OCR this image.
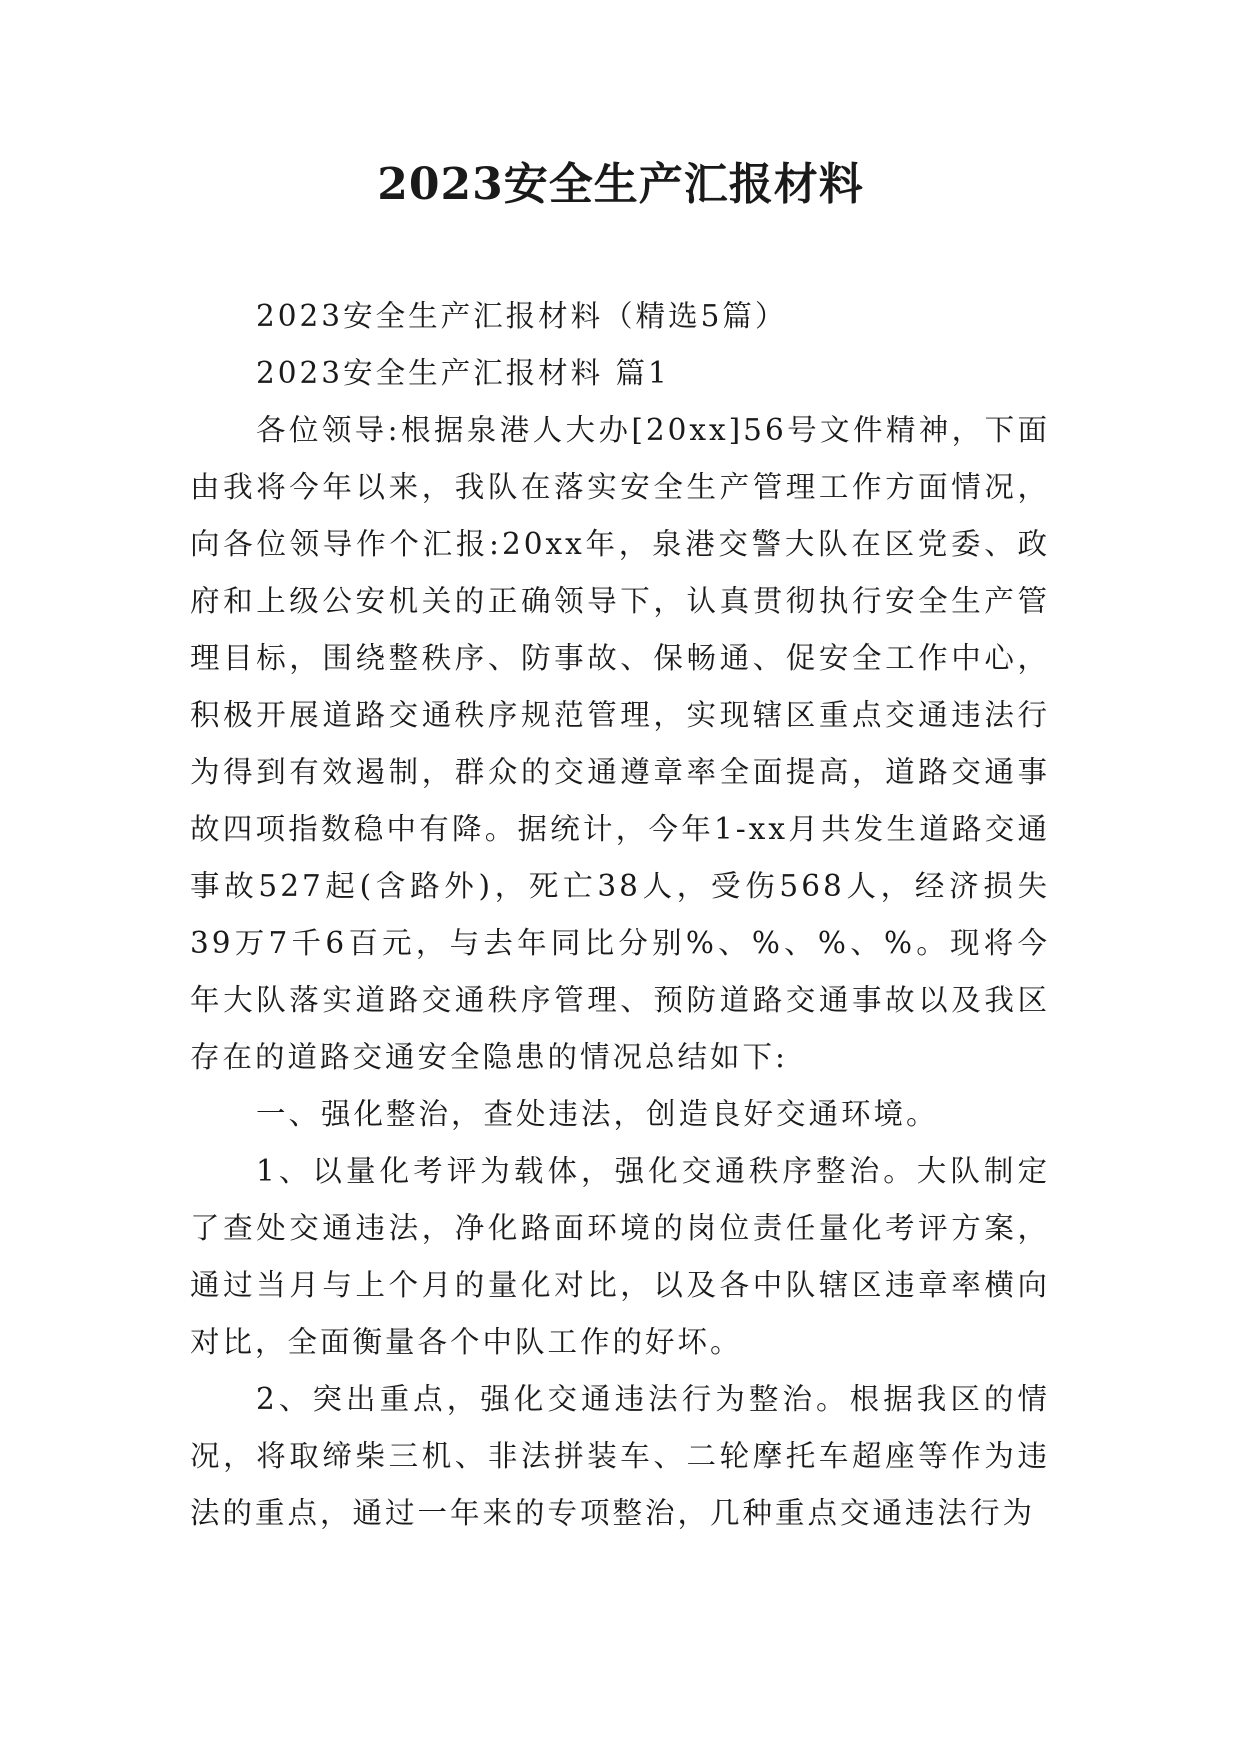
2023安全生产汇报材料

2023安全生产汇报材料（精选5篇）

2023安全生产汇报材料 篇1

各位领导:根据泉港人大办[20xx]56号文件精神，下面由我将今年以来，我队在落实安全生产管理工作方面情况，向各位领导作个汇报:20xx年，泉港交警大队在区党委、政府和上级公安机关的正确领导下，认真贯彻执行安全生产管理目标，围绕整秩序、防事故、保畅通、促安全工作中心，积极开展道路交通秩序规范管理，实现辖区重点交通违法行为得到有效遏制，群众的交通遵章率全面提高，道路交通事故四项指数稳中有降。据统计，今年1-xx月共发生道路交通事故527起(含路外)，死亡38人，受伤568人，经济损失39万7千6百元，与去年同比分别%、%、%、%。现将今年大队落实道路交通秩序管理、预防道路交通事故以及我区存在的道路交通安全隐患的情况总结如下:

一、强化整治，查处违法，创造良好交通环境。

1、以量化考评为载体，强化交通秩序整治。大队制定了查处交通违法，净化路面环境的岗位责任量化考评方案，通过当月与上个月的量化对比，以及各中队辖区违章率横向对比，全面衡量各个中队工作的好坏。

2、突出重点，强化交通违法行为整治。根据我区的情况，将取缔柴三机、非法拼装车、二轮摩托车超座等作为违法的重点，通过一年来的专项整治，几种重点交通违法行为
